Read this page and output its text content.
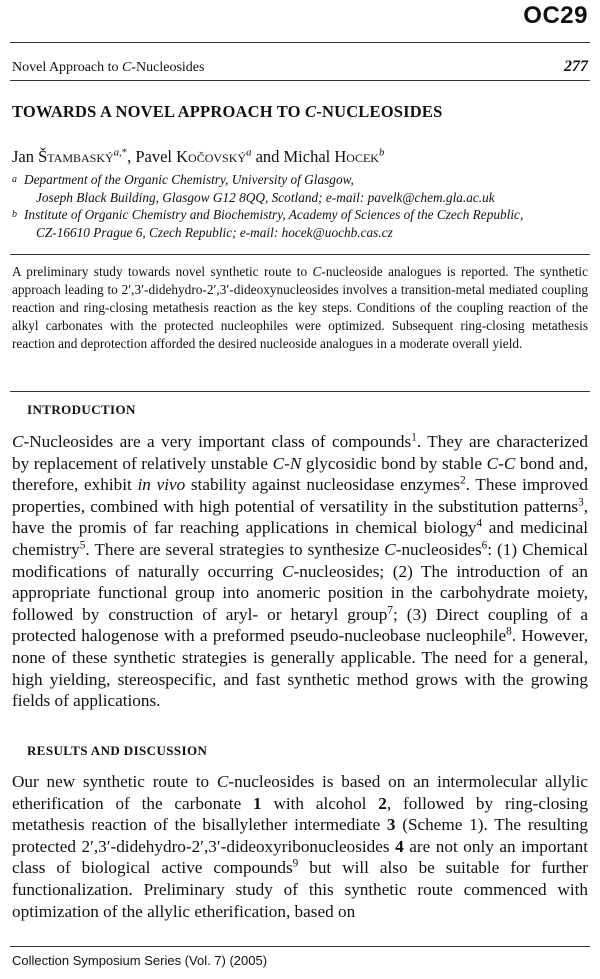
OC29
Novel Approach to C-Nucleosides	277
TOWARDS A NOVEL APPROACH TO C-NUCLEOSIDES
Jan Štambaský$^{a,*}$, Pavel Kočovský$^a$ and Michal Hocek$^b$
a Department of the Organic Chemistry, University of Glasgow,
Joseph Black Building, Glasgow G12 8QQ, Scotland; e-mail: pavelk@chem.gla.ac.uk
b Institute of Organic Chemistry and Biochemistry, Academy of Sciences of the Czech Republic,
CZ-16610 Prague 6, Czech Republic; e-mail: hocek@uochb.cas.cz
A preliminary study towards novel synthetic route to C-nucleoside analogues is reported. The synthetic approach leading to 2′,3′-didehydro-2′,3′-dideoxynucleosides involves a transition-metal mediated coupling reaction and ring-closing metathesis reaction as the key steps. Conditions of the coupling reaction of the alkyl carbonates with the protected nucleophiles were optimized. Subsequent ring-closing metathesis reaction and deprotection afforded the desired nucleoside analogues in a moderate overall yield.
INTRODUCTION
C-Nucleosides are a very important class of compounds$^1$. They are characterized by replacement of relatively unstable C-N glycosidic bond by stable C-C bond and, therefore, exhibit in vivo stability against nucleosidase enzymes$^2$. These improved properties, combined with high potential of versatility in the substitution patterns$^3$, have the promis of far reaching applications in chemical biology$^4$ and medicinal chemistry$^5$. There are several strategies to synthesize C-nucleosides$^6$: (1) Chemical modifications of naturally occurring C-nucleosides; (2) The introduction of an appropriate functional group into anomeric position in the carbohydrate moiety, followed by construction of aryl- or hetaryl group$^7$; (3) Direct coupling of a protected halogenose with a preformed pseudo-nucleobase nucleophile$^8$. However, none of these synthetic strategies is generally applicable. The need for a general, high yielding, stereospecific, and fast synthetic method grows with the growing fields of applications.
RESULTS AND DISCUSSION
Our new synthetic route to C-nucleosides is based on an intermolecular allylic etherification of the carbonate 1 with alcohol 2, followed by ring-closing metathesis reaction of the bisallylether intermediate 3 (Scheme 1). The resulting protected 2′,3′-didehydro-2′,3′-dideoxyribonucleosides 4 are not only an important class of biological active compounds$^9$ but will also be suitable for further functionalization. Preliminary study of this synthetic route commenced with optimization of the allylic etherification, based on
Collection Symposium Series (Vol. 7) (2005)
